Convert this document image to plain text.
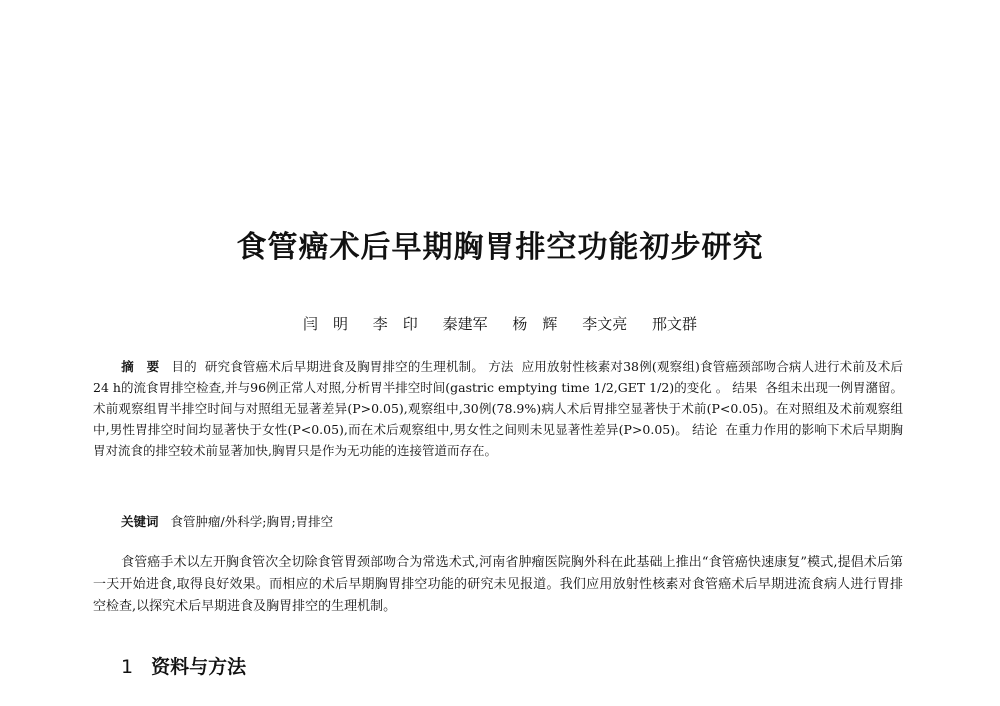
食管癌术后早期胸胃排空功能初步研究
闫　明 李　印 秦建军 杨　辉 李文亮 邢文群
摘　要 目的 研究食管癌术后早期进食及胸胃排空的生理机制。 方法 应用放射性核素对38例(观察组)食管癌颈部吻合病人进行术前及术后24 h的流食胃排空检查,并与96例正常人对照,分析胃半排空时间(gastric emptying time 1/2,GET 1/2)的变化 。 结果 各组未出现一例胃潴留。术前观察组胃半排空时间与对照组无显著差异(P>0.05),观察组中,30例(78.9%)病人术后胃排空显著快于术前(P<0.05)。在对照组及术前观察组中,男性胃排空时间均显著快于女性(P<0.05),而在术后观察组中,男女性之间则未见显著性差异(P>0.05)。 结论 在重力作用的影响下术后早期胸胃对流食的排空较术前显著加快,胸胃只是作为无功能的连接管道而存在。
关键词 食管肿瘤/外科学;胸胃;胃排空
食管癌手术以左开胸食管次全切除食管胃颈部吻合为常选术式,河南省肿瘤医院胸外科在此基础上推出“食管癌快速康复”模式,提倡术后第一天开始进食,取得良好效果。而相应的术后早期胸胃排空功能的研究未见报道。我们应用放射性核素对食管癌术后早期进流食病人进行胃排空检查,以探究术后早期进食及胸胃排空的生理机制。
1 资料与方法
